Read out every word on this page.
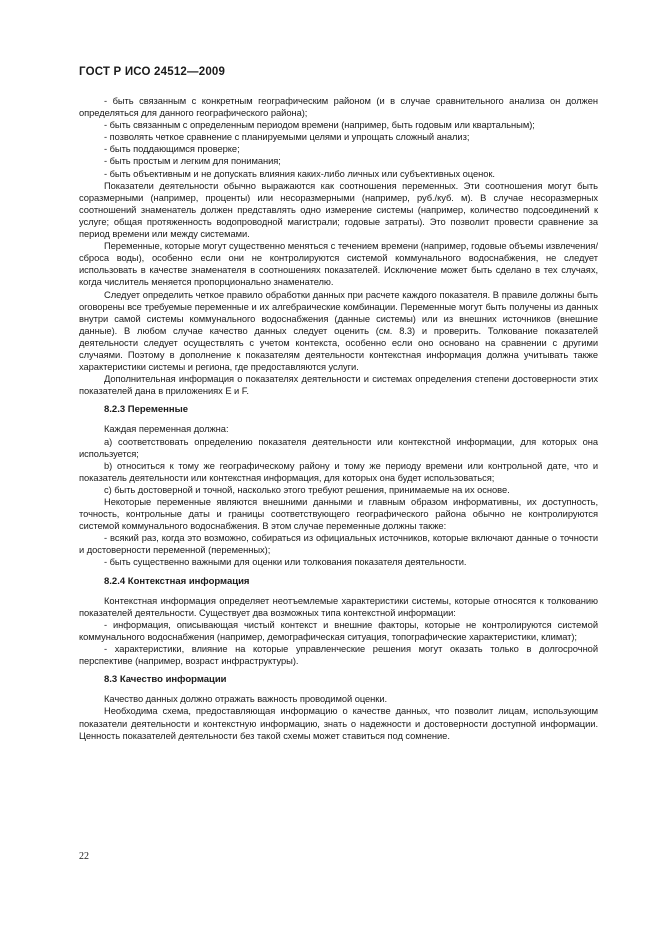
ГОСТ Р ИСО 24512—2009

- быть связанным с конкретным географическим районом (и в случае сравнительного анализа он должен определяться для данного географического района);

- быть связанным с определенным периодом времени (например, быть годовым или квартальным);

- позволять четкое сравнение с планируемыми целями и упрощать сложный анализ;

- быть поддающимся проверке;

- быть простым и легким для понимания;

- быть объективным и не допускать влияния каких-либо личных или субъективных оценок.

Показатели деятельности обычно выражаются как соотношения переменных. Эти соотношения могут быть соразмерными (например, проценты) или несоразмерными (например, руб./куб. м). В случае несоразмерных соотношений знаменатель должен представлять одно измерение системы (например, количество подсоединений к услуге; общая протяженность водопроводной магистрали; годовые затраты). Это позволит провести сравнение за период времени или между системами.

Переменные, которые могут существенно меняться с течением времени (например, годовые объемы извлечения/сброса воды), особенно если они не контролируются системой коммунального водоснабжения, не следует использовать в качестве знаменателя в соотношениях показателей. Исключение может быть сделано в тех случаях, когда числитель меняется пропорционально знаменателю.

Следует определить четкое правило обработки данных при расчете каждого показателя. В правиле должны быть оговорены все требуемые переменные и их алгебраические комбинации. Переменные могут быть получены из данных внутри самой системы коммунального водоснабжения (данные системы) или из внешних источников (внешние данные). В любом случае качество данных следует оценить (см. 8.3) и проверить. Толкование показателей деятельности следует осуществлять с учетом контекста, особенно если оно основано на сравнении с другими случаями. Поэтому в дополнение к показателям деятельности контекстная информация должна учитывать также характеристики системы и региона, где предоставляются услуги.

Дополнительная информация о показателях деятельности и системах определения степени достоверности этих показателей дана в приложениях Е и F.

8.2.3 Переменные

Каждая переменная должна:

a) соответствовать определению показателя деятельности или контекстной информации, для которых она используется;

b) относиться к тому же географическому району и тому же периоду времени или контрольной дате, что и показатель деятельности или контекстная информация, для которых она будет использоваться;

c) быть достоверной и точной, насколько этого требуют решения, принимаемые на их основе.

Некоторые переменные являются внешними данными и главным образом информативны, их доступность, точность, контрольные даты и границы соответствующего географического района обычно не контролируются системой коммунального водоснабжения. В этом случае переменные должны также:

- всякий раз, когда это возможно, собираться из официальных источников, которые включают данные о точности и достоверности переменной (переменных);

- быть существенно важными для оценки или толкования показателя деятельности.

8.2.4 Контекстная информация

Контекстная информация определяет неотъемлемые характеристики системы, которые относятся к толкованию показателей деятельности. Существует два возможных типа контекстной информации:

- информация, описывающая чистый контекст и внешние факторы, которые не контролируются системой коммунального водоснабжения (например, демографическая ситуация, топографические характеристики, климат);

- характеристики, влияние на которые управленческие решения могут оказать только в долгосрочной перспективе (например, возраст инфраструктуры).

8.3 Качество информации

Качество данных должно отражать важность проводимой оценки.

Необходима схема, предоставляющая информацию о качестве данных, что позволит лицам, использующим показатели деятельности и контекстную информацию, знать о надежности и достоверности доступной информации. Ценность показателей деятельности без такой схемы может ставиться под сомнение.

22
